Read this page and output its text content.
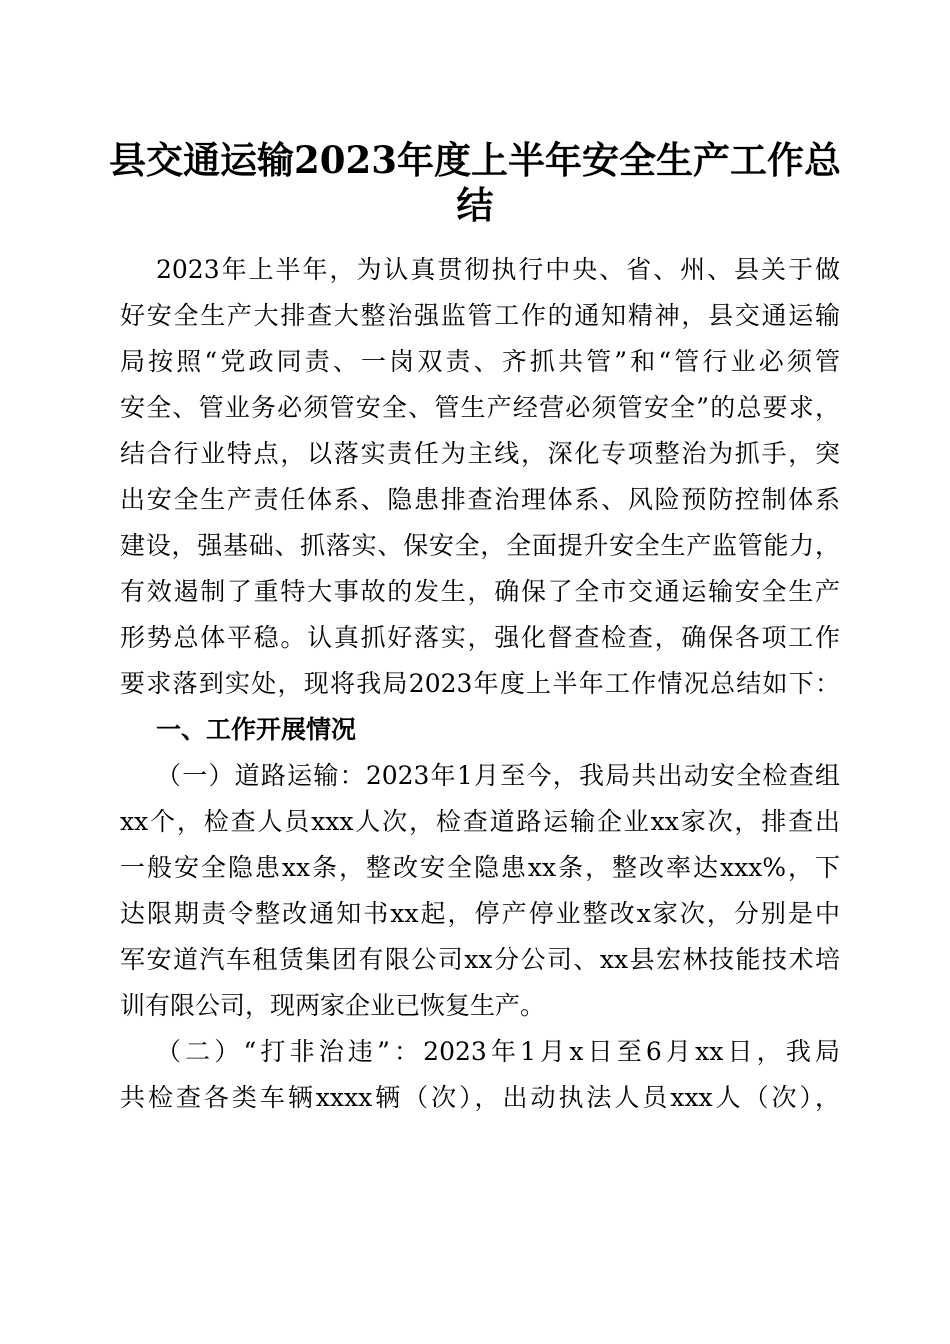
县交通运输2023年度上半年安全生产工作总
结
2023年上半年，为认真贯彻执行中央、省、州、县关于做
好安全生产大排查大整治强监管工作的通知精神，县交通运输
局按照“党政同责、一岗双责、齐抓共管”和“管行业必须管
安全、管业务必须管安全、管生产经营必须管安全”的总要求，
结合行业特点，以落实责任为主线，深化专项整治为抓手，突
出安全生产责任体系、隐患排查治理体系、风险预防控制体系
建设，强基础、抓落实、保安全，全面提升安全生产监管能力，
有效遏制了重特大事故的发生，确保了全市交通运输安全生产
形势总体平稳。认真抓好落实，强化督查检查，确保各项工作
要求落到实处，现将我局2023年度上半年工作情况总结如下：
一、工作开展情况
（一）道路运输：2023年1月至今，我局共出动安全检查组
xx个，检查人员xxx人次，检查道路运输企业xx家次，排查出
一般安全隐患xx条，整改安全隐患xx条，整改率达xxx%，下
达限期责令整改通知书xx起，停产停业整改x家次，分别是中
军安道汽车租赁集团有限公司xx分公司、xx县宏林技能技术培
训有限公司，现两家企业已恢复生产。
（二）“打非治违”：2023年1月x日至6月xx日，我局
共检查各类车辆xxxx辆（次），出动执法人员xxx人（次），
